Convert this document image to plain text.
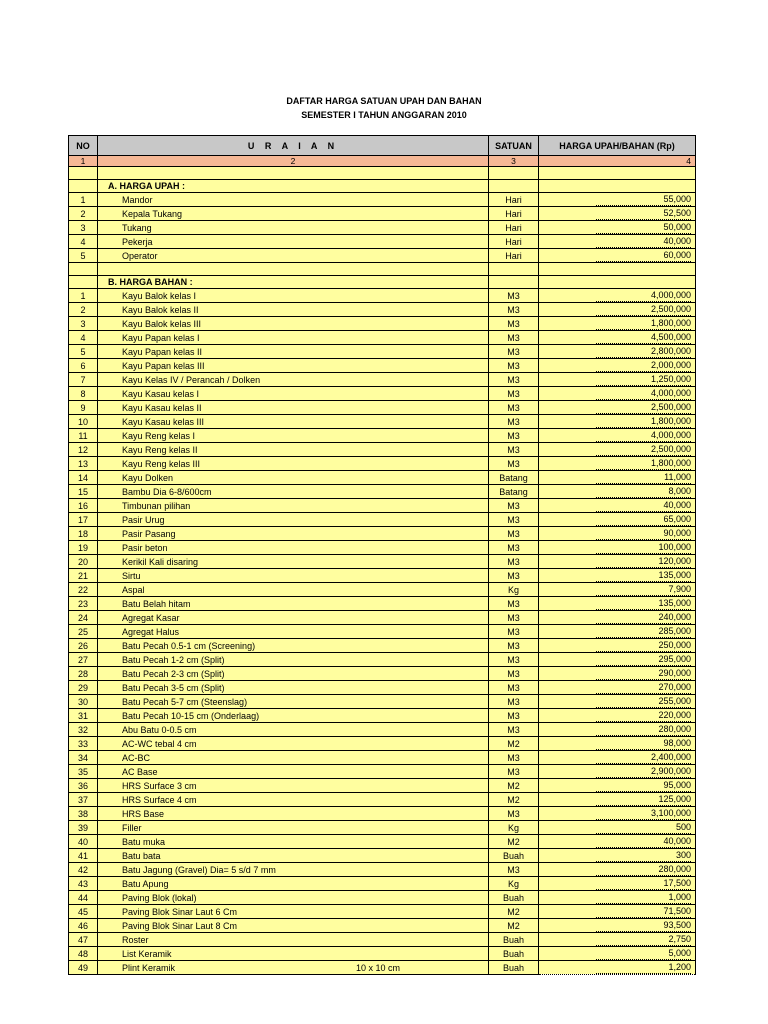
DAFTAR HARGA SATUAN UPAH DAN BAHAN
SEMESTER I TAHUN ANGGARAN 2010
NO	U R A I A N	SATUAN	HARGA UPAH/BAHAN (Rp)
1	2	3	4

	A. HARGA UPAH :		
1	Mandor	Hari	55,000
2	Kepala Tukang	Hari	52,500
3	Tukang	Hari	50,000
4	Pekerja	Hari	40,000
5	Operator	Hari	60,000

	B. HARGA BAHAN :		
1	Kayu Balok kelas I	M3	4,000,000
2	Kayu Balok kelas II	M3	2,500,000
3	Kayu Balok kelas III	M3	1,800,000
4	Kayu Papan kelas I	M3	4,500,000
5	Kayu Papan kelas II	M3	2,800,000
6	Kayu Papan kelas III	M3	2,000,000
7	Kayu Kelas IV / Perancah / Dolken	M3	1,250,000
8	Kayu Kasau kelas I	M3	4,000,000
9	Kayu Kasau kelas II	M3	2,500,000
10	Kayu Kasau kelas III	M3	1,800,000
11	Kayu Reng kelas I	M3	4,000,000
12	Kayu Reng kelas II	M3	2,500,000
13	Kayu Reng kelas III	M3	1,800,000
14	Kayu Dolken	Batang	11,000
15	Bambu Dia 6-8/600cm	Batang	8,000
16	Timbunan pilihan	M3	40,000
17	Pasir Urug	M3	65,000
18	Pasir Pasang	M3	90,000
19	Pasir beton	M3	100,000
20	Kerikil Kali disaring	M3	120,000
21	Sirtu	M3	135,000
22	Aspal	Kg	7,900
23	Batu Belah hitam	M3	135,000
24	Agregat Kasar	M3	240,000
25	Agregat Halus	M3	285,000
26	Batu Pecah 0.5-1 cm (Screening)	M3	250,000
27	Batu Pecah 1-2 cm (Split)	M3	295,000
28	Batu Pecah 2-3 cm (Split)	M3	290,000
29	Batu Pecah 3-5 cm (Split)	M3	270,000
30	Batu Pecah 5-7 cm (Steenslag)	M3	255,000
31	Batu Pecah 10-15 cm (Onderlaag)	M3	220,000
32	Abu Batu 0-0.5 cm	M3	280,000
33	AC-WC tebal 4 cm	M2	98,000
34	AC-BC	M3	2,400,000
35	AC Base	M3	2,900,000
36	HRS Surface 3 cm	M2	95,000
37	HRS Surface 4 cm	M2	125,000
38	HRS Base	M3	3,100,000
39	Filler	Kg	500
40	Batu muka	M2	40,000
41	Batu bata	Buah	300
42	Batu Jagung (Gravel) Dia= 5 s/d 7 mm	M3	280,000
43	Batu Apung	Kg	17,500
44	Paving Blok (lokal)	Buah	1,000
45	Paving Blok Sinar Laut 6 Cm	M2	71,500
46	Paving Blok Sinar Laut 8 Cm	M2	93,500
47	Roster	Buah	2,750
48	List Keramik	Buah	5,000
49	Plint Keramik 10 x 10 cm	Buah	1,200
